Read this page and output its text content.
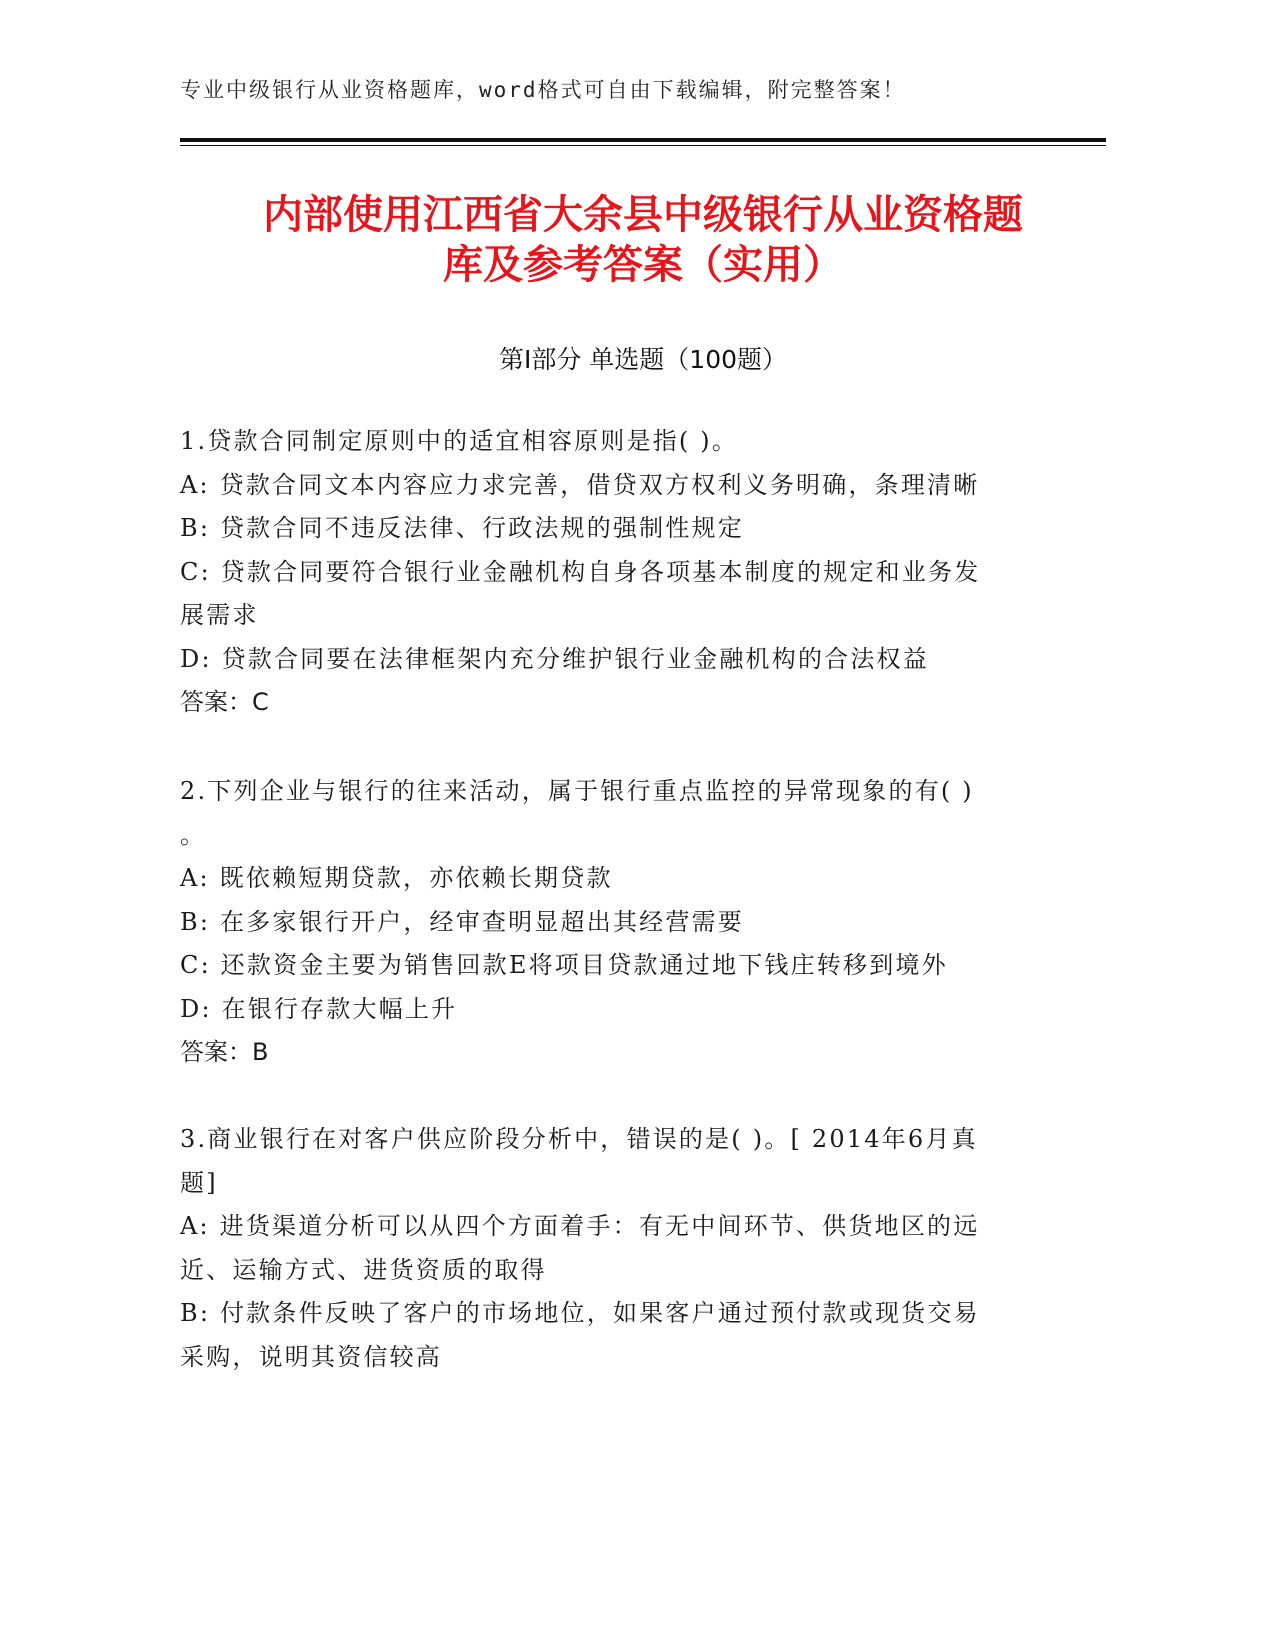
专业中级银行从业资格题库，word格式可自由下载编辑，附完整答案！
内部使用江西省大余县中级银行从业资格题
库及参考答案（实用）
第Ⅰ部分 单选题（100题）
1.贷款合同制定原则中的适宜相容原则是指( )。
A: 贷款合同文本内容应力求完善，借贷双方权利义务明确，条理清晰
B: 贷款合同不违反法律、行政法规的强制性规定
C: 贷款合同要符合银行业金融机构自身各项基本制度的规定和业务发
展需求
D: 贷款合同要在法律框架内充分维护银行业金融机构的合法权益
答案：C
2.下列企业与银行的往来活动，属于银行重点监控的异常现象的有( )
。
A: 既依赖短期贷款，亦依赖长期贷款
B: 在多家银行开户，经审查明显超出其经营需要
C: 还款资金主要为销售回款E将项目贷款通过地下钱庄转移到境外
D: 在银行存款大幅上升
答案：B
3.商业银行在对客户供应阶段分析中，错误的是( )。[ 2014年6月真
题]
A: 进货渠道分析可以从四个方面着手：有无中间环节、供货地区的远
近、运输方式、进货资质的取得
B: 付款条件反映了客户的市场地位，如果客户通过预付款或现货交易
采购，说明其资信较高
